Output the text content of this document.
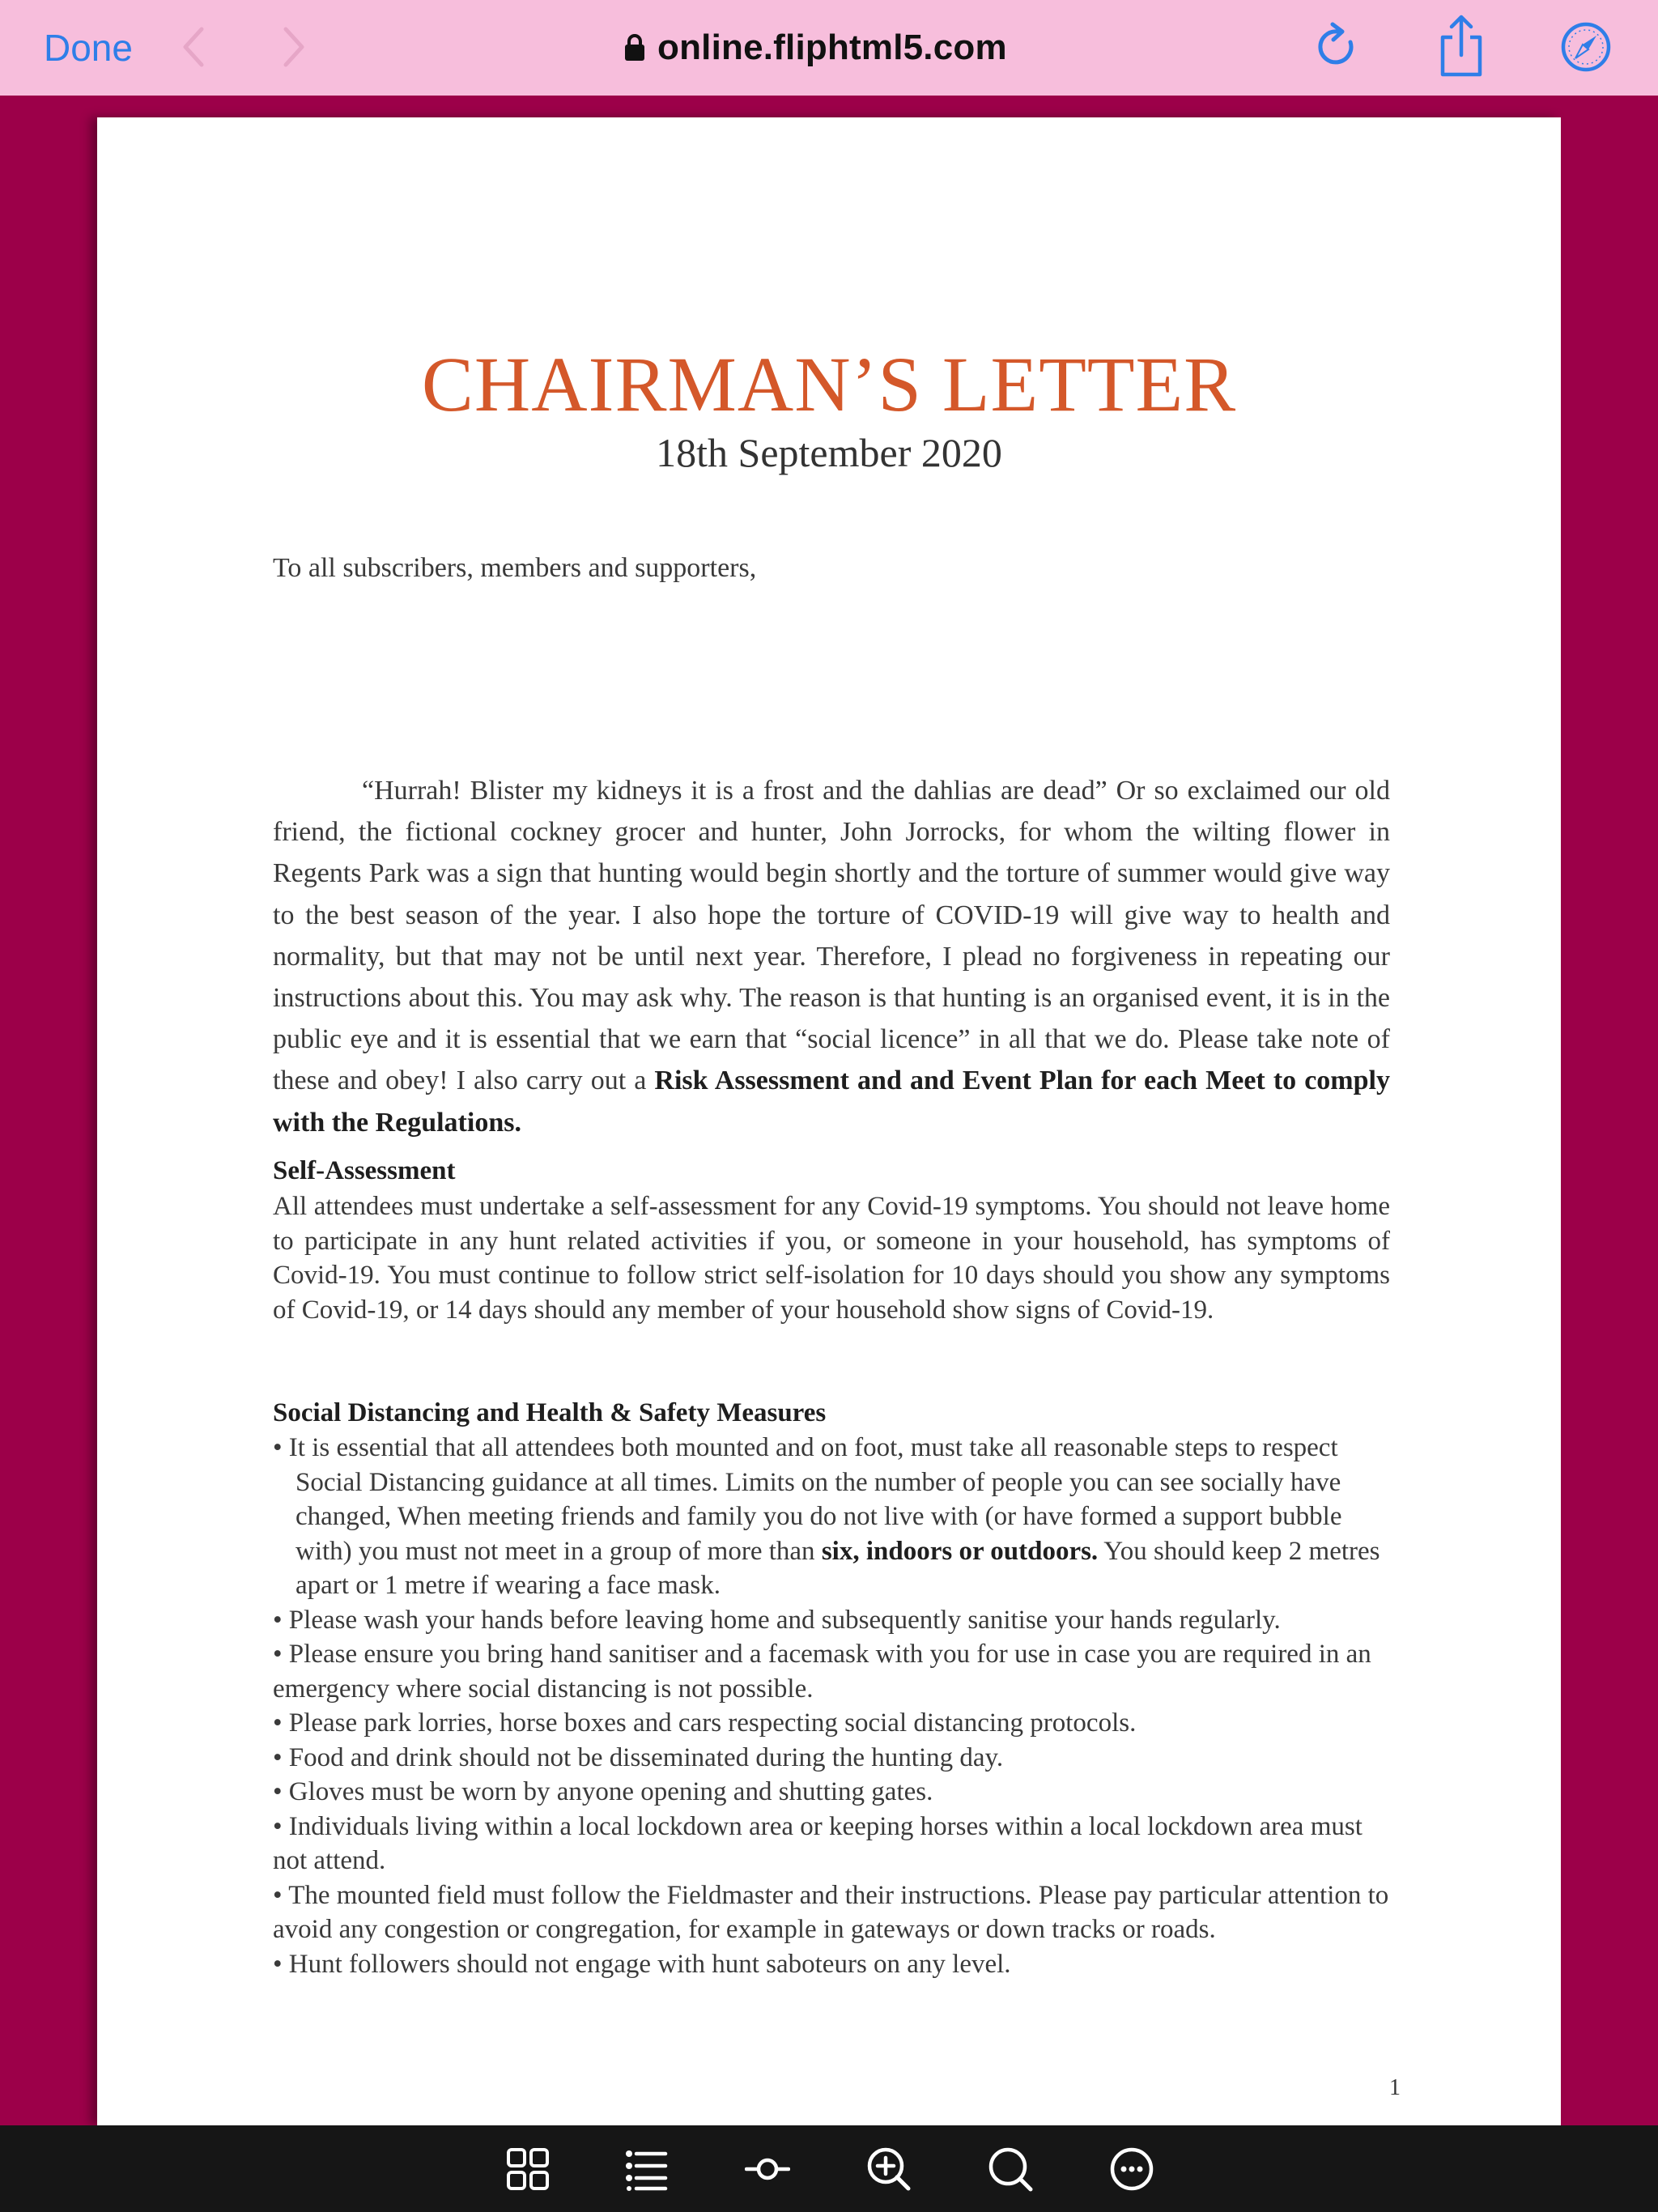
Done	online.fliphtml5.com
CHAIRMAN’S LETTER
18th September 2020
To all subscribers, members and supporters,
“Hurrah! Blister my kidneys it is a frost and the dahlias are dead” Or so exclaimed our old friend, the fictional cockney grocer and hunter, John Jorrocks, for whom the wilting flower in Regents Park was a sign that hunting would begin shortly and the torture of summer would give way to the best season of the year. I also hope the torture of COVID-19 will give way to health and normality, but that may not be until next year. Therefore, I plead no forgiveness in repeating our instructions about this. You may ask why. The reason is that hunting is an organised event, it is in the public eye and it is essential that we earn that “social licence” in all that we do. Please take note of these and obey! I also carry out a Risk Assessment and and Event Plan for each Meet to comply with the Regulations.
Self-Assessment
All attendees must undertake a self-assessment for any Covid-19 symptoms. You should not leave home to participate in any hunt related activities if you, or someone in your household, has symptoms of Covid-19. You must continue to follow strict self-isolation for 10 days should you show any symptoms of Covid-19, or 14 days should any member of your household show signs of Covid-19.
Social Distancing and Health & Safety Measures
• It is essential that all attendees both mounted and on foot, must take all reasonable steps to respect Social Distancing guidance at all times. Limits on the number of people you can see socially have changed, When meeting friends and family you do not live with (or have formed a support bubble with) you must not meet in a group of more than six, indoors or outdoors. You should keep 2 metres apart or 1 metre if wearing a face mask.
• Please wash your hands before leaving home and subsequently sanitise your hands regularly.
• Please ensure you bring hand sanitiser and a facemask with you for use in case you are required in an emergency where social distancing is not possible.
• Please park lorries, horse boxes and cars respecting social distancing protocols.
• Food and drink should not be disseminated during the hunting day.
• Gloves must be worn by anyone opening and shutting gates.
• Individuals living within a local lockdown area or keeping horses within a local lockdown area must not attend.
• The mounted field must follow the Fieldmaster and their instructions. Please pay particular attention to avoid any congestion or congregation, for example in gateways or down tracks or roads.
• Hunt followers should not engage with hunt saboteurs on any level.
1
